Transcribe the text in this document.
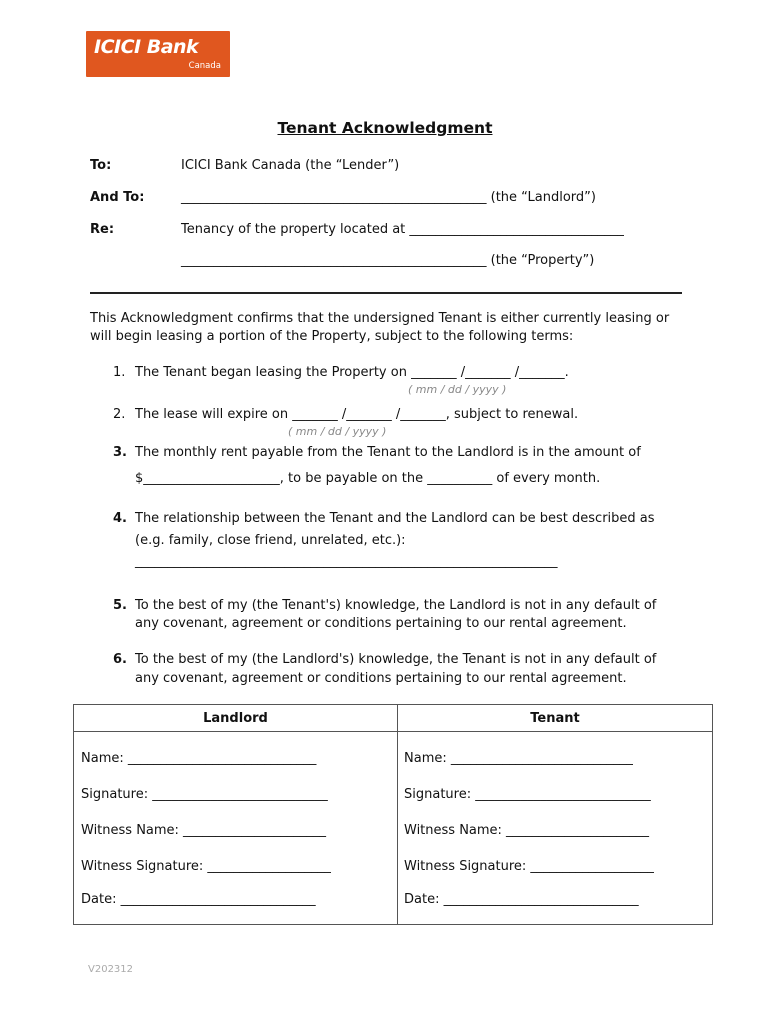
ICICI Bank
Canada
Tenant Acknowledgment
To:	ICICI Bank Canada (the “Lender”)
And To:	_______________________________________________ (the “Landlord”)
Re:	Tenancy of the property located at _________________________________
_______________________________________________ (the “Property”)
This Acknowledgment confirms that the undersigned Tenant is either currently leasing or
will begin leasing a portion of the Property, subject to the following terms:
1. The Tenant began leasing the Property on _______ /_______ /_______.
( mm / dd / yyyy )
2. The lease will expire on _______ /_______ /_______, subject to renewal.
( mm / dd / yyyy )
3. The monthly rent payable from the Tenant to the Landlord is in the amount of
$_____________________, to be payable on the __________ of every month.
4. The relationship between the Tenant and the Landlord can be best described as
(e.g. family, close friend, unrelated, etc.):
_________________________________________________________________
5. To the best of my (the Tenant's) knowledge, the Landlord is not in any default of
any covenant, agreement or conditions pertaining to our rental agreement.
6. To the best of my (the Landlord's) knowledge, the Tenant is not in any default of
any covenant, agreement or conditions pertaining to our rental agreement.
Landlord	Tenant
Name: _____________________________	Name: ____________________________
Signature: ___________________________	Signature: ___________________________
Witness Name: ______________________	Witness Name: ______________________
Witness Signature: ___________________	Witness Signature: ___________________
Date: ______________________________	Date: ______________________________
V202312
